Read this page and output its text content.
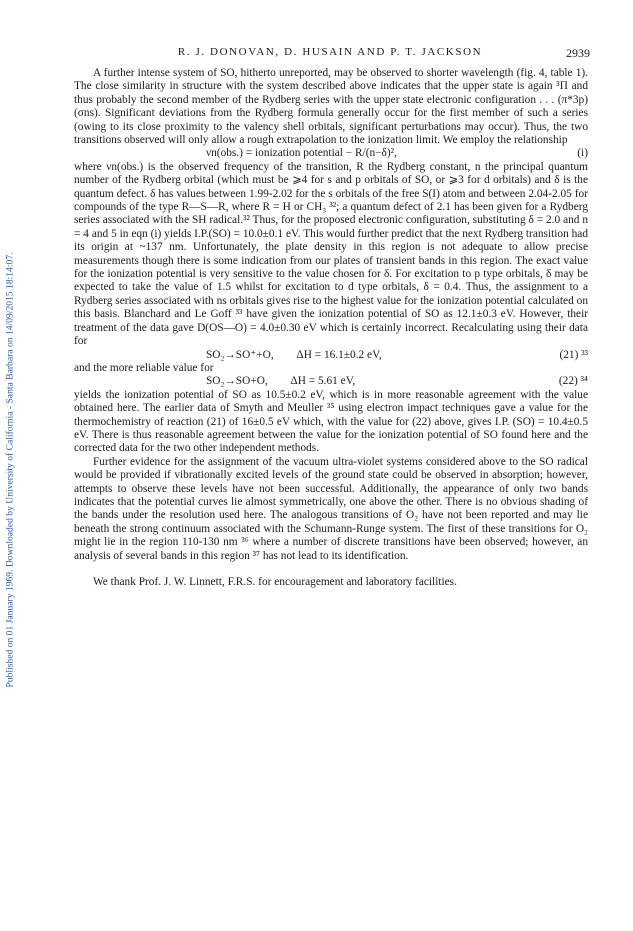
Published on 01 January 1969. Downloaded by University of California - Santa Barbara on 14/09/2015 18:14:07.
R. J. DONOVAN, D. HUSAIN AND P. T. JACKSON	2939

A further intense system of SO, hitherto unreported, may be observed to shorter wavelength (fig. 4, table 1). The close similarity in structure with the system described above indicates that the upper state is again ³Π and thus probably the second member of the Rydberg series with the upper state electronic configuration . . . (π*3p) (σns). Significant deviations from the Rydberg formula generally occur for the first member of such a series (owing to its close proximity to the valency shell orbitals, significant perturbations may occur). Thus, the two transitions observed will only allow a rough extrapolation to the ionization limit. We employ the relationship

νn(obs.) = ionization potential − R/(n−δ)²,	(i)

where νn(obs.) is the observed frequency of the transition, R the Rydberg constant, n the principal quantum number of the Rydberg orbital (which must be ⩾4 for s and p orbitals of SO, or ⩾3 for d orbitals) and δ is the quantum defect. δ has values between 1.99-2.02 for the s orbitals of the free S(I) atom and between 2.04-2.05 for compounds of the type R—S—R, where R = H or CH₃ ³²; a quantum defect of 2.1 has been given for a Rydberg series associated with the SH radical.³² Thus, for the proposed electronic configuration, substituting δ = 2.0 and n = 4 and 5 in eqn (i) yields I.P.(SO) = 10.0±0.1 eV. This would further predict that the next Rydberg transition had its origin at ~137 nm. Unfortunately, the plate density in this region is not adequate to allow precise measurements though there is some indication from our plates of transient bands in this region. The exact value for the ionization potential is very sensitive to the value chosen for δ. For excitation to p type orbitals, δ may be expected to take the value of 1.5 whilst for excitation to d type orbitals, δ = 0.4. Thus, the assignment to a Rydberg series associated with ns orbitals gives rise to the highest value for the ionization potential calculated on this basis. Blanchard and Le Goff ³³ have given the ionization potential of SO as 12.1±0.3 eV. However, their treatment of the data gave D(OS—O) = 4.0±0.30 eV which is certainly incorrect. Recalculating using their data for

SO₂→SO⁺+O,        ΔH = 16.1±0.2 eV,	(21) ³³

and the more reliable value for

SO₂→SO+O,        ΔH = 5.61 eV,	(22) ³⁴

yields the ionization potential of SO as 10.5±0.2 eV, which is in more reasonable agreement with the value obtained here. The earlier data of Smyth and Meuller ³⁵ using electron impact techniques gave a value for the thermochemistry of reaction (21) of 16±0.5 eV which, with the value for (22) above, gives I.P. (SO) = 10.4±0.5 eV. There is thus reasonable agreement between the value for the ionization potential of SO found here and the corrected data for the two other independent methods.

Further evidence for the assignment of the vacuum ultra-violet systems considered above to the SO radical would be provided if vibrationally excited levels of the ground state could be observed in absorption; however, attempts to observe these levels have not been successful. Additionally, the appearance of only two bands indicates that the potential curves lie almost symmetrically, one above the other. There is no obvious shading of the bands under the resolution used here. The analogous transitions of O₂ have not been reported and may lie beneath the strong continuum associated with the Schumann-Runge system. The first of these transitions for O₂ might lie in the region 110-130 nm ³⁶ where a number of discrete transitions have been observed; however, an analysis of several bands in this region ³⁷ has not lead to its identification.

We thank Prof. J. W. Linnett, F.R.S. for encouragement and laboratory facilities.
